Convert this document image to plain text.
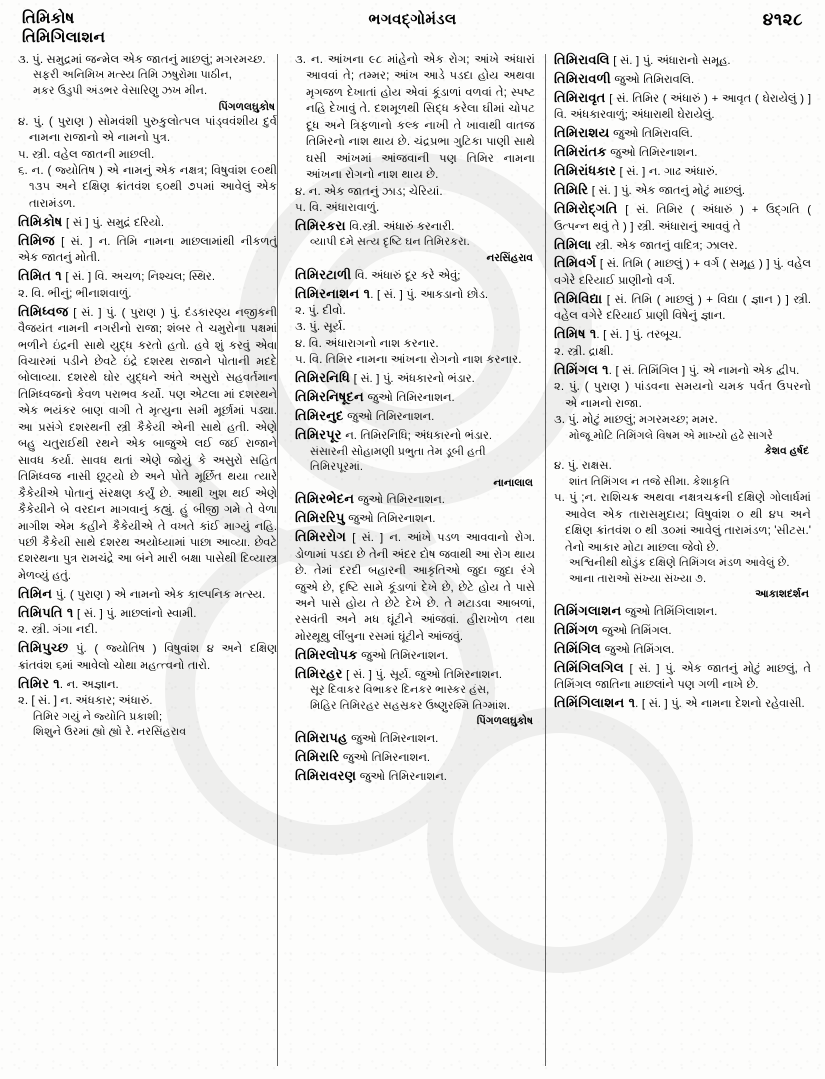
તિમિકોષ
તિમિગિલાશન
ભગવદ્ગોમંડલ	૪૧૨૮

૩. પું. સમુદ્રમાં જન્મેલ એક જાતનું માછલું; મગરમચ્છ.

સફરી અનિમિખ મત્સ્ય તિમિ ઝષુરોમા પાઠીન,

મકર ઉડુપી અંડભર વેસારિણુ ઝખ મીન.

પિંગળલઘુકોષ

૪. પું. ( પુરાણ ) સોમવંશી પુરુકુલોત્પલ પાંડ્વવંશીય દુર્વ નામના રાજાનો એ નામનો પુત્ર.

૫. સ્ત્રી. વહેલ જાતની માછલી.

૬. ન. ( જ્યોતિષ ) એ નામનું એક નક્ષત્ર; વિષુવાંશ ૯૦થી ૧૩૫ અને દક્ષિણ ક્રાંતવંશ ૬૦થી ૭૫માં આવેલું એક તારામંડળ.

તિમિકોષ [ સં ] પું. સમુદ્રં દરિયો.

તિમિજ [ સં. ] ન. તિમિ નામના માછલામાંથી નીકળતું એક જાતનું મોતી.

તિમિત ૧ [ સં. ] વિ. અચળ; નિશ્ચલ; સ્થિર.

૨. વિ. ભીનું; ભીનાશવાળું.

તિમિધ્વજ [ સં. ] પું. ( પુરાણ ) પું. દંડકારણ્ય નજીકની વૈજયંત નામની નગરીનો રાજા; શંબર તે ચમુરોના પક્ષમાં ભળીને ઇંદ્રની સાથે યુદ્ધ કરતો હતો. હવે શું કરવું એવા વિચારમાં પડીને છેવટે ઇંદ્રે દશરથ રાજાને પોતાની મદદે બોલાવ્યા. દશરથે ઘોર યુદ્ધને અંતે અસુરો સહવર્તમાન તિમિધ્વજનો કેવળ પરાભવ કર્યો. પણ એટલા માં દશરથને એક ભયંકર બાણ વાગી તે મૃત્યુના સમી મૂર્છામાં પડ્યા. આ પ્રસંગે દશરથની સ્ત્રી કૈકેયી એની સાથે હતી. એણે બહુ ચતુરાઈથી રથને એક બાજુએ લઈ જઈ રાજાને સાવધ કર્યા. સાવધ થતાં એણે જોયું કે અસુરો સહિત તિમિધ્વજ નાસી છૂટ્યો છે અને પોતે મૂર્છિત થયા ત્યારે કૈકેયીએ પોતાનું સંરક્ષણ કર્યું છે. આથી ખુશ થઈ એણે કૈકેયીને બે વરદાન માગવાનું કહ્યું. હું બીજી ગમે તે વેળા માગીશ એમ કહીને કૈકેયીએ તે વખતે કાંઈ માગ્યું નહિ. પછી કૈકેયી સાથે દશરથ અયોધ્યામાં પાછા આવ્યા. છેવટે દશરથના પુત્ર રામચંદ્રે આ બંને મારી બક્ષા પાસેથી દિવ્યાસ્ત્ર મેળવ્યું હતું.

તિમિન પું. ( પુરાણ ) એ નામનો એક કાલ્પનિક મત્સ્ય.

તિમિપતિ ૧ [ સં. ] પું. માછલાંનો સ્વામી.

૨. સ્ત્રી. ગંગા નદી.

તિમિપુચ્છ પું. ( જ્યોતિષ ) વિષુવાંશ ૪ અને દક્ષિણ ક્રાંતવંશ ૬માં આવેલો ચોથા મહત્ત્વનો તારો.

તિમિર ૧. ન. અજ્ઞાન.

૨. [ સં. ] ન. અંધકાર; અંધારું.

તિમિર ગયું ને જ્યોતિ પ્રકાશી;

શિશુને ઉરમાં હ્યો હ્યો રે. નરસિંહરાવ

૩. ન. આંખના ૯૮ માંહેનો એક રોગ; આંખે અંધારાં આવવાં તે; તમ્મર; આંખ આડે પડદા હોય અથવા મૃગજળ દેખાતાં હોય એવાં કૂંડાળાં વળવાં તે; સ્પષ્ટ નહિ દેખાવું તે. દશમૂળથી સિદ્ધ કરેલા ઘીમાં ચોપટ દૂધ અને ત્રિફળાનો કલ્ક નાખી તે ખાવાથી વાતજ તિમિરનો નાશ થાય છે. ચંદ્રપ્રભા ગુટિકા પાણી સાથે ઘસી આંખમાં આંજવાની પણ તિમિર નામના આંખના રોગનો નાશ થાય છે.

૪. ન. એક જાતનું ઝાડ; ચેરિયાં.

૫. વિ. અંધારાવાળું.

તિમિરકરા વિ.સ્ત્રી. અંધારું કરનારી.

વ્યાપી દમે સત્ય દૃષ્ટિ ઘન તિમિરકરા.

નરસિંહરાવ

તિમિરટાળી વિ. અંધારું દૂર કરે એવું;

તિમિરનાશન ૧. [ સં. ] પું. આકડાનો છોડ.

૨. પું. દીવો.

૩. પું. સૂર્ય.

૪. વિ. અંધારાગનો નાશ કરનાર.

૫. વિ. તિમિર નામના આંખના રોગનો નાશ કરનાર.

તિમિરનિધિ [ સં. ] પું. અંધકારનો ભંડાર.

તિમિરનિષૂદન જુઓ તિમિરનાશન.

તિમિરનુદ જુઓ તિમિરનાશન.

તિમિરપૂર ન. તિમિરનિધિ; અંધકારનો ભંડાર.

સંસારની સોહામણી પ્રભુતા તેમ ડૂબી હતી

તિમિરપૂરમાં.

નાનાલાલ

તિમિરભેદન જુઓ તિમિરનાશન.

તિમિરરિપુ જુઓ તિમિરનાશન.

તિમિરરોગ [ સં. ] ન. આંખે પડળ આવવાનો રોગ. ડોળામાં પડદા છે તેની અંદર દોષ જવાથી આ રોગ થાય છે. તેમાં દરદી બહારની આકૃતિઓ જુદા જુદા રંગે જુએ છે, દૃષ્ટિ સામે કૂંડાળાં દેખે છે, છેટે હોય તે પાસે અને પાસે હોય તે છેટે દેખે છે. તે મટાડવા આબળાં, રસવંતી અને મધ ઘૂંટીને આંજવાં. હીરાખોળ તથા મોરથૂથુ લીંબુના રસમાં ઘૂંટીને આંજવું.

તિમિરલોપક જુઓ તિમિરનાશન.

તિમિરહર [ સં. ] પું. સૂર્ય. જુઓ તિમિરનાશન.

સૂર દિવાકર વિભાકર દિનકર ભાસ્કર હંસ,

મિહિર તિમિરહર સહસ્રકર ઉષ્ણુરશ્મિ તિગ્માંશ.

પિંગળલઘુકોષ

તિમિરાપહ જુઓ તિમિરનાશન.

તિમિરારિ જુઓ તિમિરનાશન.

તિમિરાવરણ જુઓ તિમિરનાશન.

તિમિરાવલિ [ સં. ] પું. અંધારાનો સમૂહ.

તિમિરાવળી જુઓ તિમિરાવલિ.

તિમિરાવૃત [ સં. તિમિર ( અંધારું ) + આવૃત ( ઘેરાયેલું ) ] વિ. અંધકારવાળું; અંધારાથી ઘેરાયેલું.

તિમિરાશય જુઓ તિમિરાવલિ.

તિમિરાંતક જુઓ તિમિરનાશન.

તિમિરાંધકાર [ સં. ] ન. ગાઢ અંધારું.

તિમિરિ [ સં. ] પું. એક જાતનું મોટું માછલું.

તિમિરોદ્ગતિ [ સં. તિમિર ( અંધારું ) + ઉદ્ગતિ ( ઉત્પન્ન થવું તે ) ] સ્ત્રી. અંધારાનું આવવું તે

તિમિલા સ્ત્રી. એક જાતનું વાદિત્ર; ઝાલર.

તિમિવર્ગ [ સં. તિમિ ( માછલું ) + વર્ગ ( સમૂહ ) ] પું. વહેલ વગેરે દરિયાઈ પ્રાણીનો વર્ગ.

તિમિવિદ્યા [ સં. તિમિ ( માછલું ) + વિદ્યા ( જ્ઞાન ) ] સ્ત્રી. વહેલ વગેરે દરિયાઈ પ્રાણી વિષેનું જ્ઞાન.

તિમિષ ૧. [ સં. ] પું. તરબૂચ.

૨. સ્ત્રી. દ્રાક્ષી.

તિમિંગલ ૧. [ સં. તિમિંગિલ ] પું. એ નામનો એક દ્વીપ.

૨. પું. ( પુરાણ ) પાંડવના સમયનો ચમક પર્વત ઉપરનો એ નામનો રાજા.

૩. પું. મોટું માછલું; મગરમચ્છ; મમર.

મોજૂ મોટિ તિમિંગલે વિષમ એ માખ્યો હઢે સાગરે

કેશવ હર્ષદ

૪. પું. રાક્ષસ.

શાંત તિમિંગલ ન તજે સીમા. કેશાકૃતિ

૫. પું ;ન. રાશિચક્ર અથવા નક્ષત્રચક્રની દક્ષિણે ગોલાર્ધમાં આવેલ એક તારાસમુદાય; વિષુવાંશ ૦ થી ૪૫ અને દક્ષિણ ક્રાંતવંશ ૦ થી ૩૦માં આવેલું તારામંડળ; 'સીટસ.' તેનો આકાર મોટા માછલા જેવો છે.

અશ્વિનીથી થોડુંક દક્ષિણે તિમિંગલ મંડળ આવેલું છે. આના તારાઓ સંખ્યા સંખ્યા ૭.

આકાશદર્શન

તિમિંગલાશન જુઓ તિમિંગિલાશન.

તિમિંગળ જુઓ તિમિંગલ.

તિમિંગિલ જુઓ તિમિંગલ.

તિમિંગિલગિલ [ સં. ] પું. એક જાતનું મોટું માછલું, તે તિમિંગલ જાતિના માછલાંને પણ ગળી નાખે છે.

તિમિંગિલાશન ૧. [ સં. ] પું. એ નામના દેશનો રહેવાસી.
